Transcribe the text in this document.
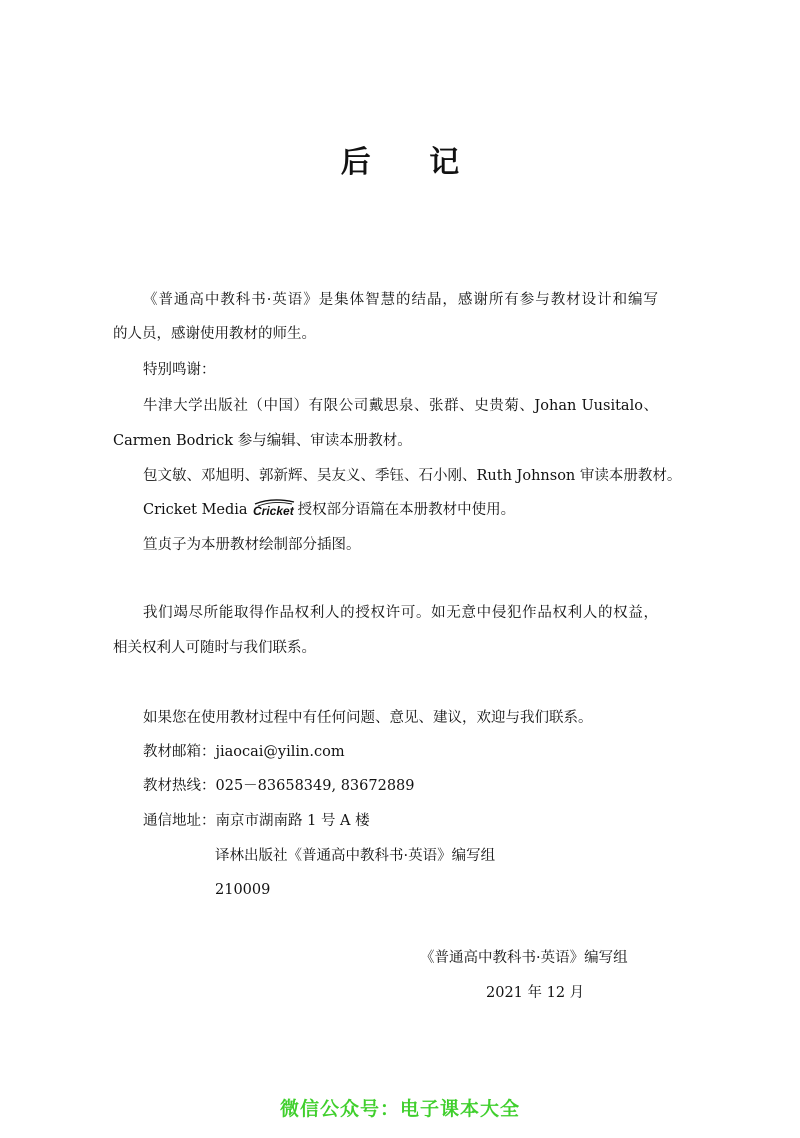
后 记
《普通高中教科书·英语》是集体智慧的结晶，感谢所有参与教材设计和编写
的人员，感谢使用教材的师生。
特别鸣谢：
牛津大学出版社（中国）有限公司戴思泉、张群、史贵菊、Johan Uusitalo、
Carmen Bodrick 参与编辑、审读本册教材。
包文敏、邓旭明、郭新辉、吴友义、季钰、石小刚、Ruth Johnson 审读本册教材。
Cricket Media Cricket 授权部分语篇在本册教材中使用。
笪贞子为本册教材绘制部分插图。
我们竭尽所能取得作品权利人的授权许可。如无意中侵犯作品权利人的权益，
相关权利人可随时与我们联系。
如果您在使用教材过程中有任何问题、意见、建议，欢迎与我们联系。
教材邮箱：jiaocai@yilin.com
教材热线：025－83658349, 83672889
通信地址：南京市湖南路 1 号 A 楼
译林出版社《普通高中教科书·英语》编写组
210009
《普通高中教科书·英语》编写组
2021 年 12 月
微信公众号：电子课本大全
